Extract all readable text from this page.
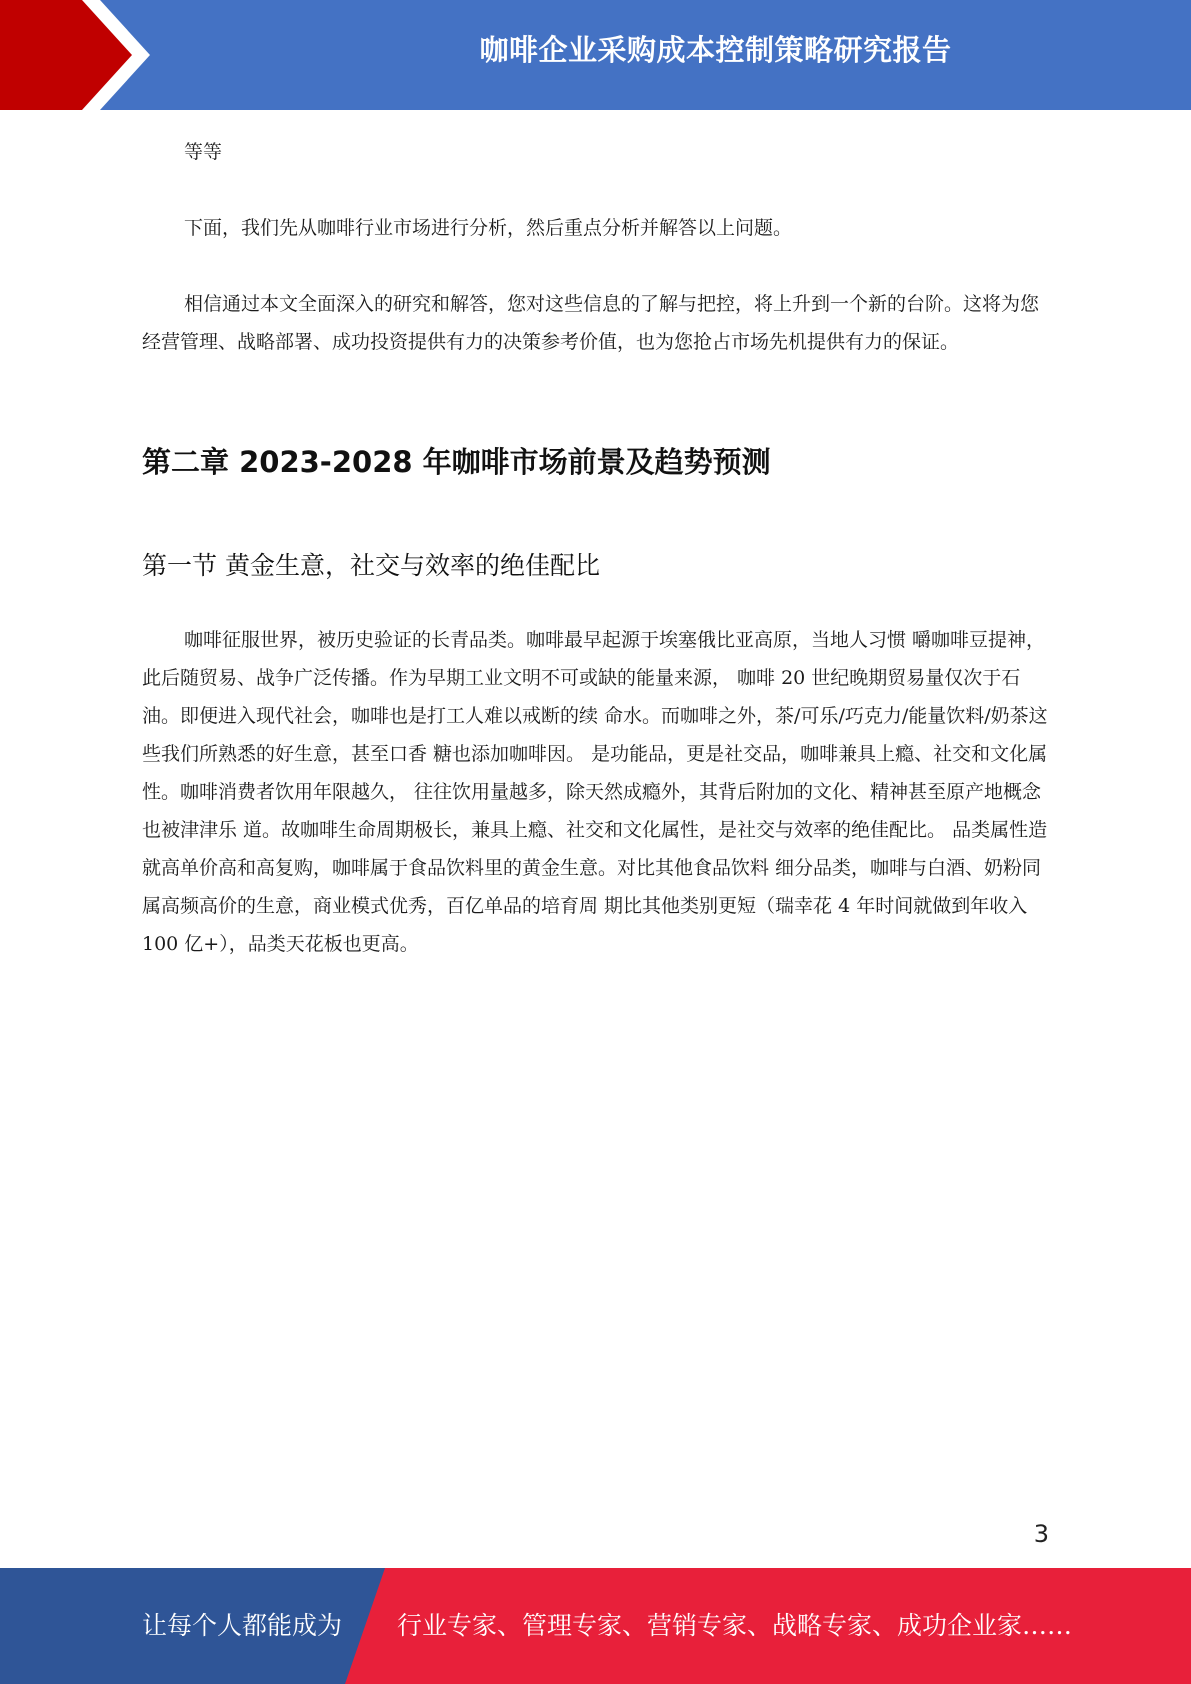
咖啡企业采购成本控制策略研究报告

等等

下面，我们先从咖啡行业市场进行分析，然后重点分析并解答以上问题。

相信通过本文全面深入的研究和解答，您对这些信息的了解与把控，将上升到一个新的台阶。这将为您经营管理、战略部署、成功投资提供有力的决策参考价值，也为您抢占市场先机提供有力的保证。

第二章 2023-2028 年咖啡市场前景及趋势预测
第一节 黄金生意，社交与效率的绝佳配比

咖啡征服世界，被历史验证的长青品类。咖啡最早起源于埃塞俄比亚高原，当地人习惯 嚼咖啡豆提神，此后随贸易、战争广泛传播。作为早期工业文明不可或缺的能量来源， 咖啡 20 世纪晚期贸易量仅次于石油。即便进入现代社会，咖啡也是打工人难以戒断的续 命水。而咖啡之外，茶/可乐/巧克力/能量饮料/奶茶这些我们所熟悉的好生意，甚至口香 糖也添加咖啡因。 是功能品，更是社交品，咖啡兼具上瘾、社交和文化属性。咖啡消费者饮用年限越久， 往往饮用量越多，除天然成瘾外，其背后附加的文化、精神甚至原产地概念也被津津乐 道。故咖啡生命周期极长，兼具上瘾、社交和文化属性，是社交与效率的绝佳配比。 品类属性造就高单价高和高复购，咖啡属于食品饮料里的黄金生意。对比其他食品饮料 细分品类，咖啡与白酒、奶粉同属高频高价的生意，商业模式优秀，百亿单品的培育周 期比其他类别更短（瑞幸花 4 年时间就做到年收入 100 亿+），品类天花板也更高。

3
让每个人都能成为 行业专家、管理专家、营销专家、战略专家、成功企业家……
